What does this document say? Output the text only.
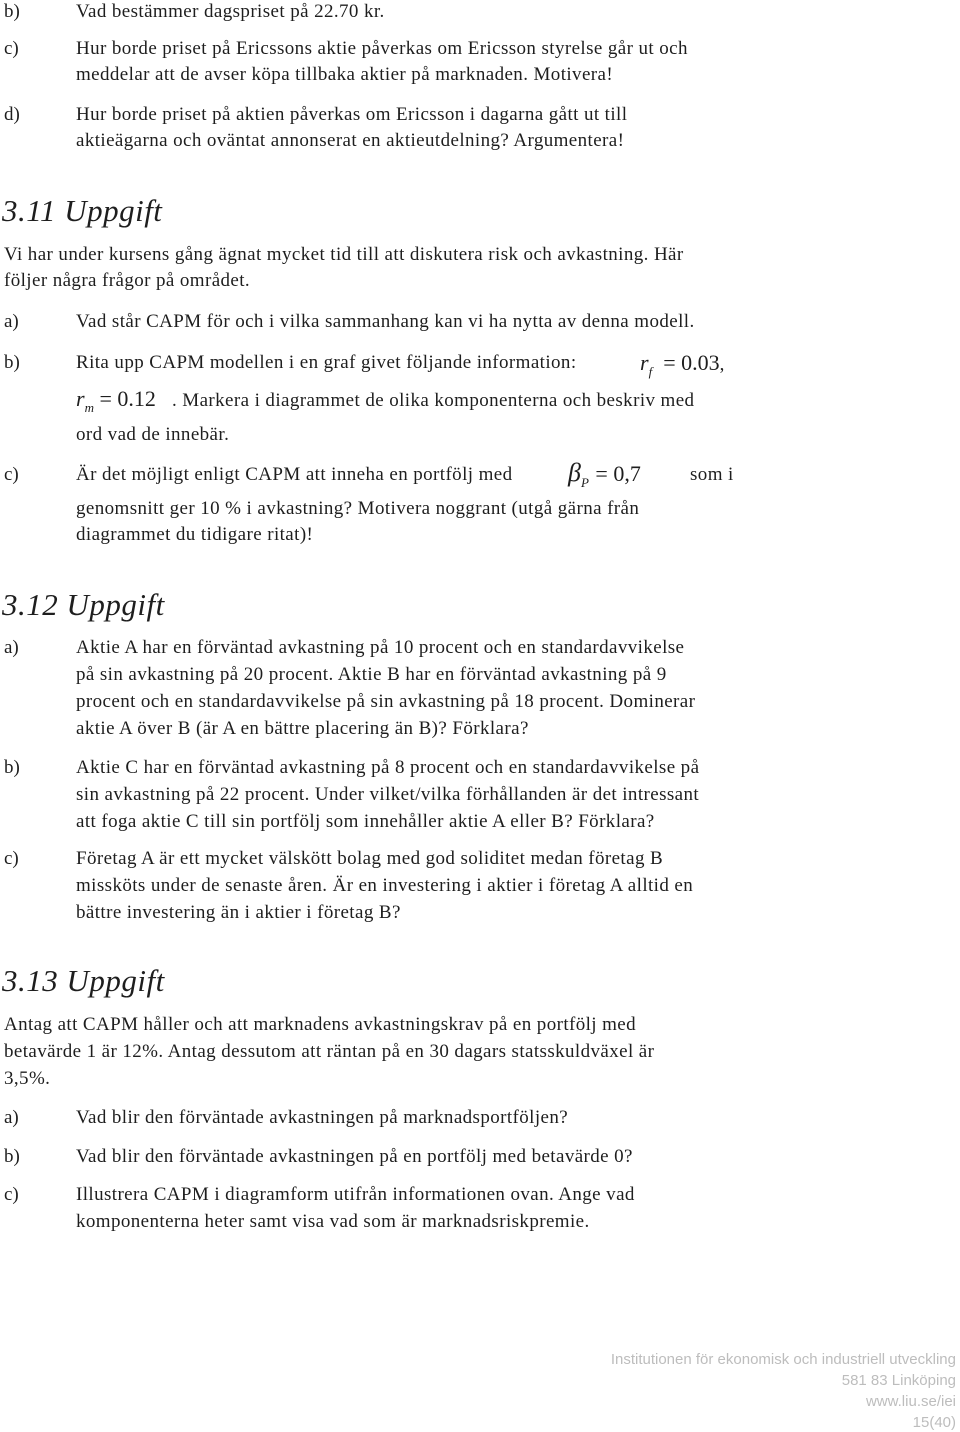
b)	Vad bestämmer dagspriset på 22.70 kr.
c)	Hur borde priset på Ericssons aktie påverkas om Ericsson styrelse går ut och
meddelar att de avser köpa tillbaka aktier på marknaden. Motivera!
d)	Hur borde priset på aktien påverkas om Ericsson i dagarna gått ut till
aktieägarna och oväntat annonserat en aktieutdelning? Argumentera!
3.11 Uppgift
Vi har under kursens gång ägnat mycket tid till att diskutera risk och avkastning. Här
följer några frågor på området.
a)	Vad står CAPM för och i vilka sammanhang kan vi ha nytta av denna modell.
b)	Rita upp CAPM modellen i en graf givet följande information:	$r_f = 0.03$,
$r_m = 0.12$ . Markera i diagrammet de olika komponenterna och beskriv med
ord vad de innebär.
c)	Är det möjligt enligt CAPM att inneha en portfölj med $\beta_P = 0,7$	som i
genomsnitt ger 10 % i avkastning? Motivera noggrant (utgå gärna från
diagrammet du tidigare ritat)!
3.12 Uppgift
a)	Aktie A har en förväntad avkastning på 10 procent och en standardavvikelse
på sin avkastning på 20 procent. Aktie B har en förväntad avkastning på 9
procent och en standardavvikelse på sin avkastning på 18 procent. Dominerar
aktie A över B (är A en bättre placering än B)? Förklara?
b)	Aktie C har en förväntad avkastning på 8 procent och en standardavvikelse på
sin avkastning på 22 procent. Under vilket/vilka förhållanden är det intressant
att foga aktie C till sin portfölj som innehåller aktie A eller B? Förklara?
c)	Företag A är ett mycket välskött bolag med god soliditet medan företag B
missköts under de senaste åren. Är en investering i aktier i företag A alltid en
bättre investering än i aktier i företag B?
3.13 Uppgift
Antag att CAPM håller och att marknadens avkastningskrav på en portfölj med
betavärde 1 är 12%. Antag dessutom att räntan på en 30 dagars statsskuldväxel är
3,5%.
a)	Vad blir den förväntade avkastningen på marknadsportföljen?
b)	Vad blir den förväntade avkastningen på en portfölj med betavärde 0?
c)	Illustrera CAPM i diagramform utifrån informationen ovan. Ange vad
komponenterna heter samt visa vad som är marknadsriskpremie.
Institutionen för ekonomisk och industriell utveckling
581 83 Linköping
www.liu.se/iei
15(40)
